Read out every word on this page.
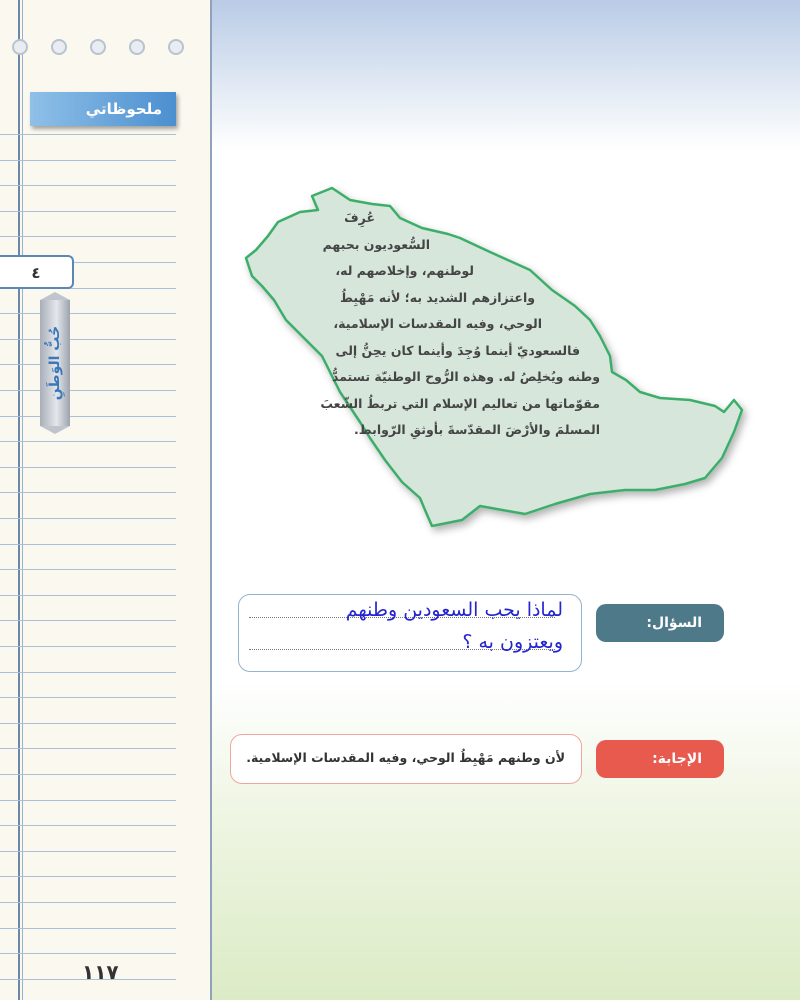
ملحوظاتي
٤
حُبُّ الوَطَنِ
١١٧
عُرِفَ
السُّعوديون بحبهم
لوطنهم، وإخلاصهم له،
واعتزازهم الشديد به؛ لأنه مَهْبِطُ
الوحي، وفيه المقدسات الإسلامية،
فالسعوديّ أينما وُجِدَ وأينما كان يحِنُّ إلى
وطنه ويُخلِصُ له. وهذه الرُّوح الوطنيّة تستمدُّ
مقوّماتها من تعاليم الإسلام التي تربطُ الشّعبَ
المسلمَ والأرْضَ المقدّسةَ بأوثقِ الرّوابط.
لماذا يحب السعودين وطنهم
ويعتزون به ؟
السؤال:
لأن وطنهم مَهْبِطُ الوحي، وفيه المقدسات الإسلامية.	الإجابة:
